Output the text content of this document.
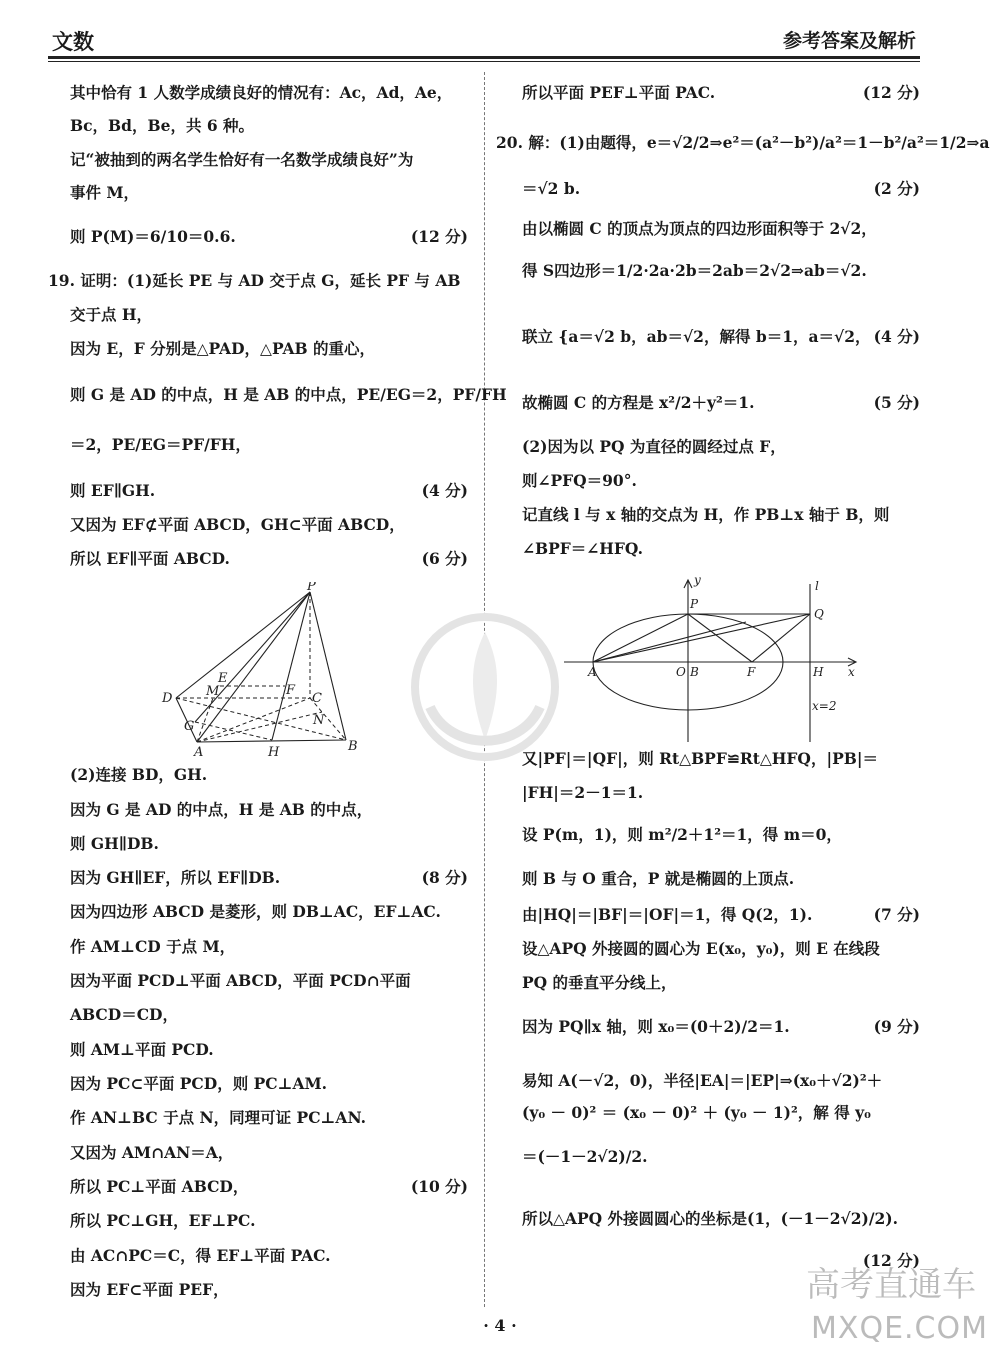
文数	参考答案及解析
其中恰有 1 人数学成绩良好的情况有：Ac，Ad，Ae，
Bc，Bd，Be，共 6 种。
记“被抽到的两名学生恰好有一名数学成绩良好”为
事件 M，
则 P(M)＝6/10＝0.6.	(12 分)
19. 证明：(1)延长 PE 与 AD 交于点 G，延长 PF 与 AB
交于点 H，
因为 E，F 分别是△PAD，△PAB 的重心，
则 G 是 AD 的中点，H 是 AB 的中点，PE/EG＝2，PF/FH
＝2，PE/EG＝PF/FH，
则 EF∥GH.	(4 分)
又因为 EF⊄平面 ABCD，GH⊂平面 ABCD，
所以 EF∥平面 ABCD.	(6 分)
P
D	M
E
F
C
G	N
A	H	B
(2)连接 BD，GH.
因为 G 是 AD 的中点，H 是 AB 的中点，
则 GH∥DB.
因为 GH∥EF，所以 EF∥DB.	(8 分)
因为四边形 ABCD 是菱形，则 DB⊥AC，EF⊥AC.
作 AM⊥CD 于点 M，
因为平面 PCD⊥平面 ABCD，平面 PCD∩平面
ABCD＝CD，
则 AM⊥平面 PCD.
因为 PC⊂平面 PCD，则 PC⊥AM.
作 AN⊥BC 于点 N，同理可证 PC⊥AN.
又因为 AM∩AN＝A，
所以 PC⊥平面 ABCD，	(10 分)
所以 PC⊥GH，EF⊥PC.
由 AC∩PC＝C，得 EF⊥平面 PAC.
因为 EF⊂平面 PEF，
所以平面 PEF⊥平面 PAC.	(12 分)
20. 解：(1)由题得，e＝√2/2⇒e²＝(a²－b²)/a²＝1－b²/a²＝1/2⇒a
＝√2 b.	(2 分)
由以椭圆 C 的顶点为顶点的四边形面积等于 2√2，
得 S四边形＝1/2·2a·2b＝2ab＝2√2⇒ab＝√2.
联立 {a＝√2 b，ab＝√2，解得 b＝1，a＝√2， (4 分)
故椭圆 C 的方程是 x²/2＋y²＝1.	(5 分)
(2)因为以 PQ 为直径的圆经过点 F，
则∠PFQ＝90°.
记直线 l 与 x 轴的交点为 H，作 PB⊥x 轴于 B，则
∠BPF＝∠HFQ.
y	l
P
Q
A	O B	F	H x
x=2
又|PF|＝|QF|，则 Rt△BPF≌Rt△HFQ，|PB|＝
|FH|＝2－1＝1.
设 P(m，1)，则 m²/2＋1²＝1，得 m＝0，
则 B 与 O 重合，P 就是椭圆的上顶点.
由|HQ|＝|BF|＝|OF|＝1，得 Q(2，1).	(7 分)
设△APQ 外接圆的圆心为 E(x₀，y₀)，则 E 在线段
PQ 的垂直平分线上，
因为 PQ∥x 轴，则 x₀＝(0＋2)/2＝1.	(9 分)
易知 A(－√2，0)，半径|EA|＝|EP|⇒(x₀＋√2)²＋
(y₀ － 0)² ＝ (x₀ － 0)² ＋ (y₀ － 1)²，解 得 y₀
＝(－1－2√2)/2.
所以△APQ 外接圆圆心的坐标是(1，(－1－2√2)/2).
(12 分)
· 4 ·
高考直通车
MXQE.COM
